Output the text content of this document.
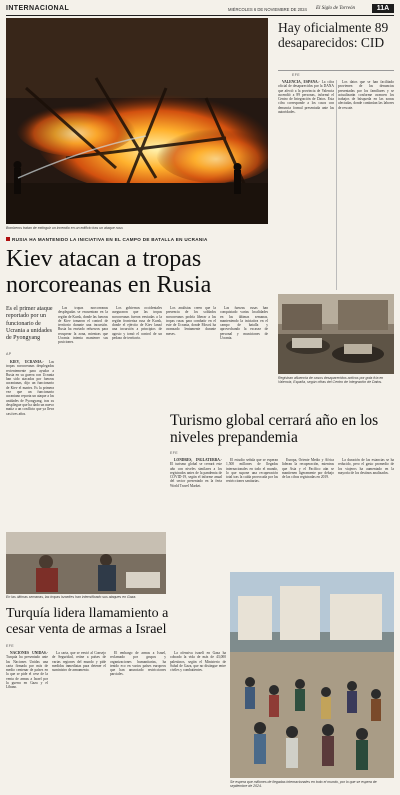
INTERNACIONAL	MIÉRCOLES 6 DE NOVIEMBRE DE 2024 El Siglo de Torreón	11A
Bomberos tratan de extinguir un incendio en un edificio tras un ataque ruso.
Hay oficialmente 89 desaparecidos: CID
EFE

VALENCIA, ESPAÑA.- La cifra oficial de desaparecidos por la DANA que afectó a la provincia de Valencia ascendió a 89 personas, informó el Centro de Integración de Datos. Esta cifra corresponde a los casos con denuncia formal presentada ante las autoridades.

Los datos que se han facilitado provienen de las denuncias presentadas por los familiares y se actualizarán conforme avancen los trabajos de búsqueda en las zonas afectadas, donde continúan las labores de rescate.

RUSIA HA MANTENIDO LA INICIATIVA EN EL CAMPO DE BATALLA EN UCRANIA
Kiev atacan a tropas norcoreanas en Rusia
Es el primer ataque reportado por un funcionario de Ucrania a unidades de Pyongyang
AP

KIEV, UCRANIA.- Las tropas norcoreanas desplegadas recientemente para ayudar a Rusia en su guerra con Ucrania han sido atacadas por fuerzas ucranianas, dijo un funcionario de Kiev el martes. Es la primera vez que un funcionario ucraniano reporta un ataque a las unidades de Pyongyang, tras su despliegue que ha dado un nuevo matiz a un conflicto que ya lleva casi tres años.

Las tropas norcoreanas desplegadas se encuentran en la región de Kursk, donde las fuerzas de Kiev tomaron el control de territorio durante una incursión. Rusia ha enviado refuerzos para recuperar la zona, mientras que Ucrania intenta mantener sus posiciones.

Los gobiernos occidentales aseguraron que las tropas norcoreanas fueron enviadas a la región fronteriza rusa de Kursk, donde el ejército de Kiev lanzó una incursión a principios de agosto y tomó el control de un pedazo de territorio.

Los analistas creen que la presencia de los soldados norcoreanos podría liberar a las tropas rusas para combatir en el este de Ucrania, donde Moscú ha avanzado lentamente durante meses.

Las fuerzas rusas han conquistado varias localidades en las últimas semanas, manteniendo la iniciativa en el campo de batalla y aprovechando la escasez de personal y municiones de Ucrania.

Registran afluencia de casos desaparecidos activos por gota fría en Valencia, España, según cifras del Centro de Integración de Datos.
Turismo global cerrará año en los niveles prepandemia
EFE

LONDRES, INGLATERRA.- El turismo global se cerrará este año con niveles similares a los registrados antes de la pandemia de COVID-19, según el informe anual del sector presentado en la feria World Travel Market.

El estudio señala que se esperan 1,500 millones de llegadas internacionales en todo el mundo, lo que supone una recuperación total tras la caída provocada por las restricciones sanitarias.

Europa, Oriente Medio y África lideran la recuperación, mientras que Asia y el Pacífico aún se mantienen ligeramente por debajo de las cifras registradas en 2019.

La duración de las estancias se ha reducido, pero el gasto promedio de los viajeros ha aumentado en la mayoría de los destinos analizados.

En las últimas semanas, las tropas israelíes han intensificado sus ataques en Gaza.
Turquía lidera llamamiento a cesar venta de armas a Israel
EFE

NACIONES UNIDAS.- Turquía ha presentado ante las Naciones Unidas una carta firmada por más de medio centenar de países en la que se pide el cese de la venta de armas a Israel por la guerra en Gaza y el Líbano.

La carta, que se envió al Consejo de Seguridad, reúne a países de varias regiones del mundo y pide medidas inmediatas para detener el suministro de armamento.

El embargo de armas a Israel, reclamado por grupos y organizaciones humanitarias, ha tenido eco en varios países europeos que han anunciado restricciones parciales.

La ofensiva israelí en Gaza ha cobrado la vida de más de 43,000 palestinos, según el Ministerio de Salud de Gaza, que no distingue entre civiles y combatientes.

Se espera que millones de llegadas internacionales en todo el mundo, por lo que se espera de septiembre de 2024.
